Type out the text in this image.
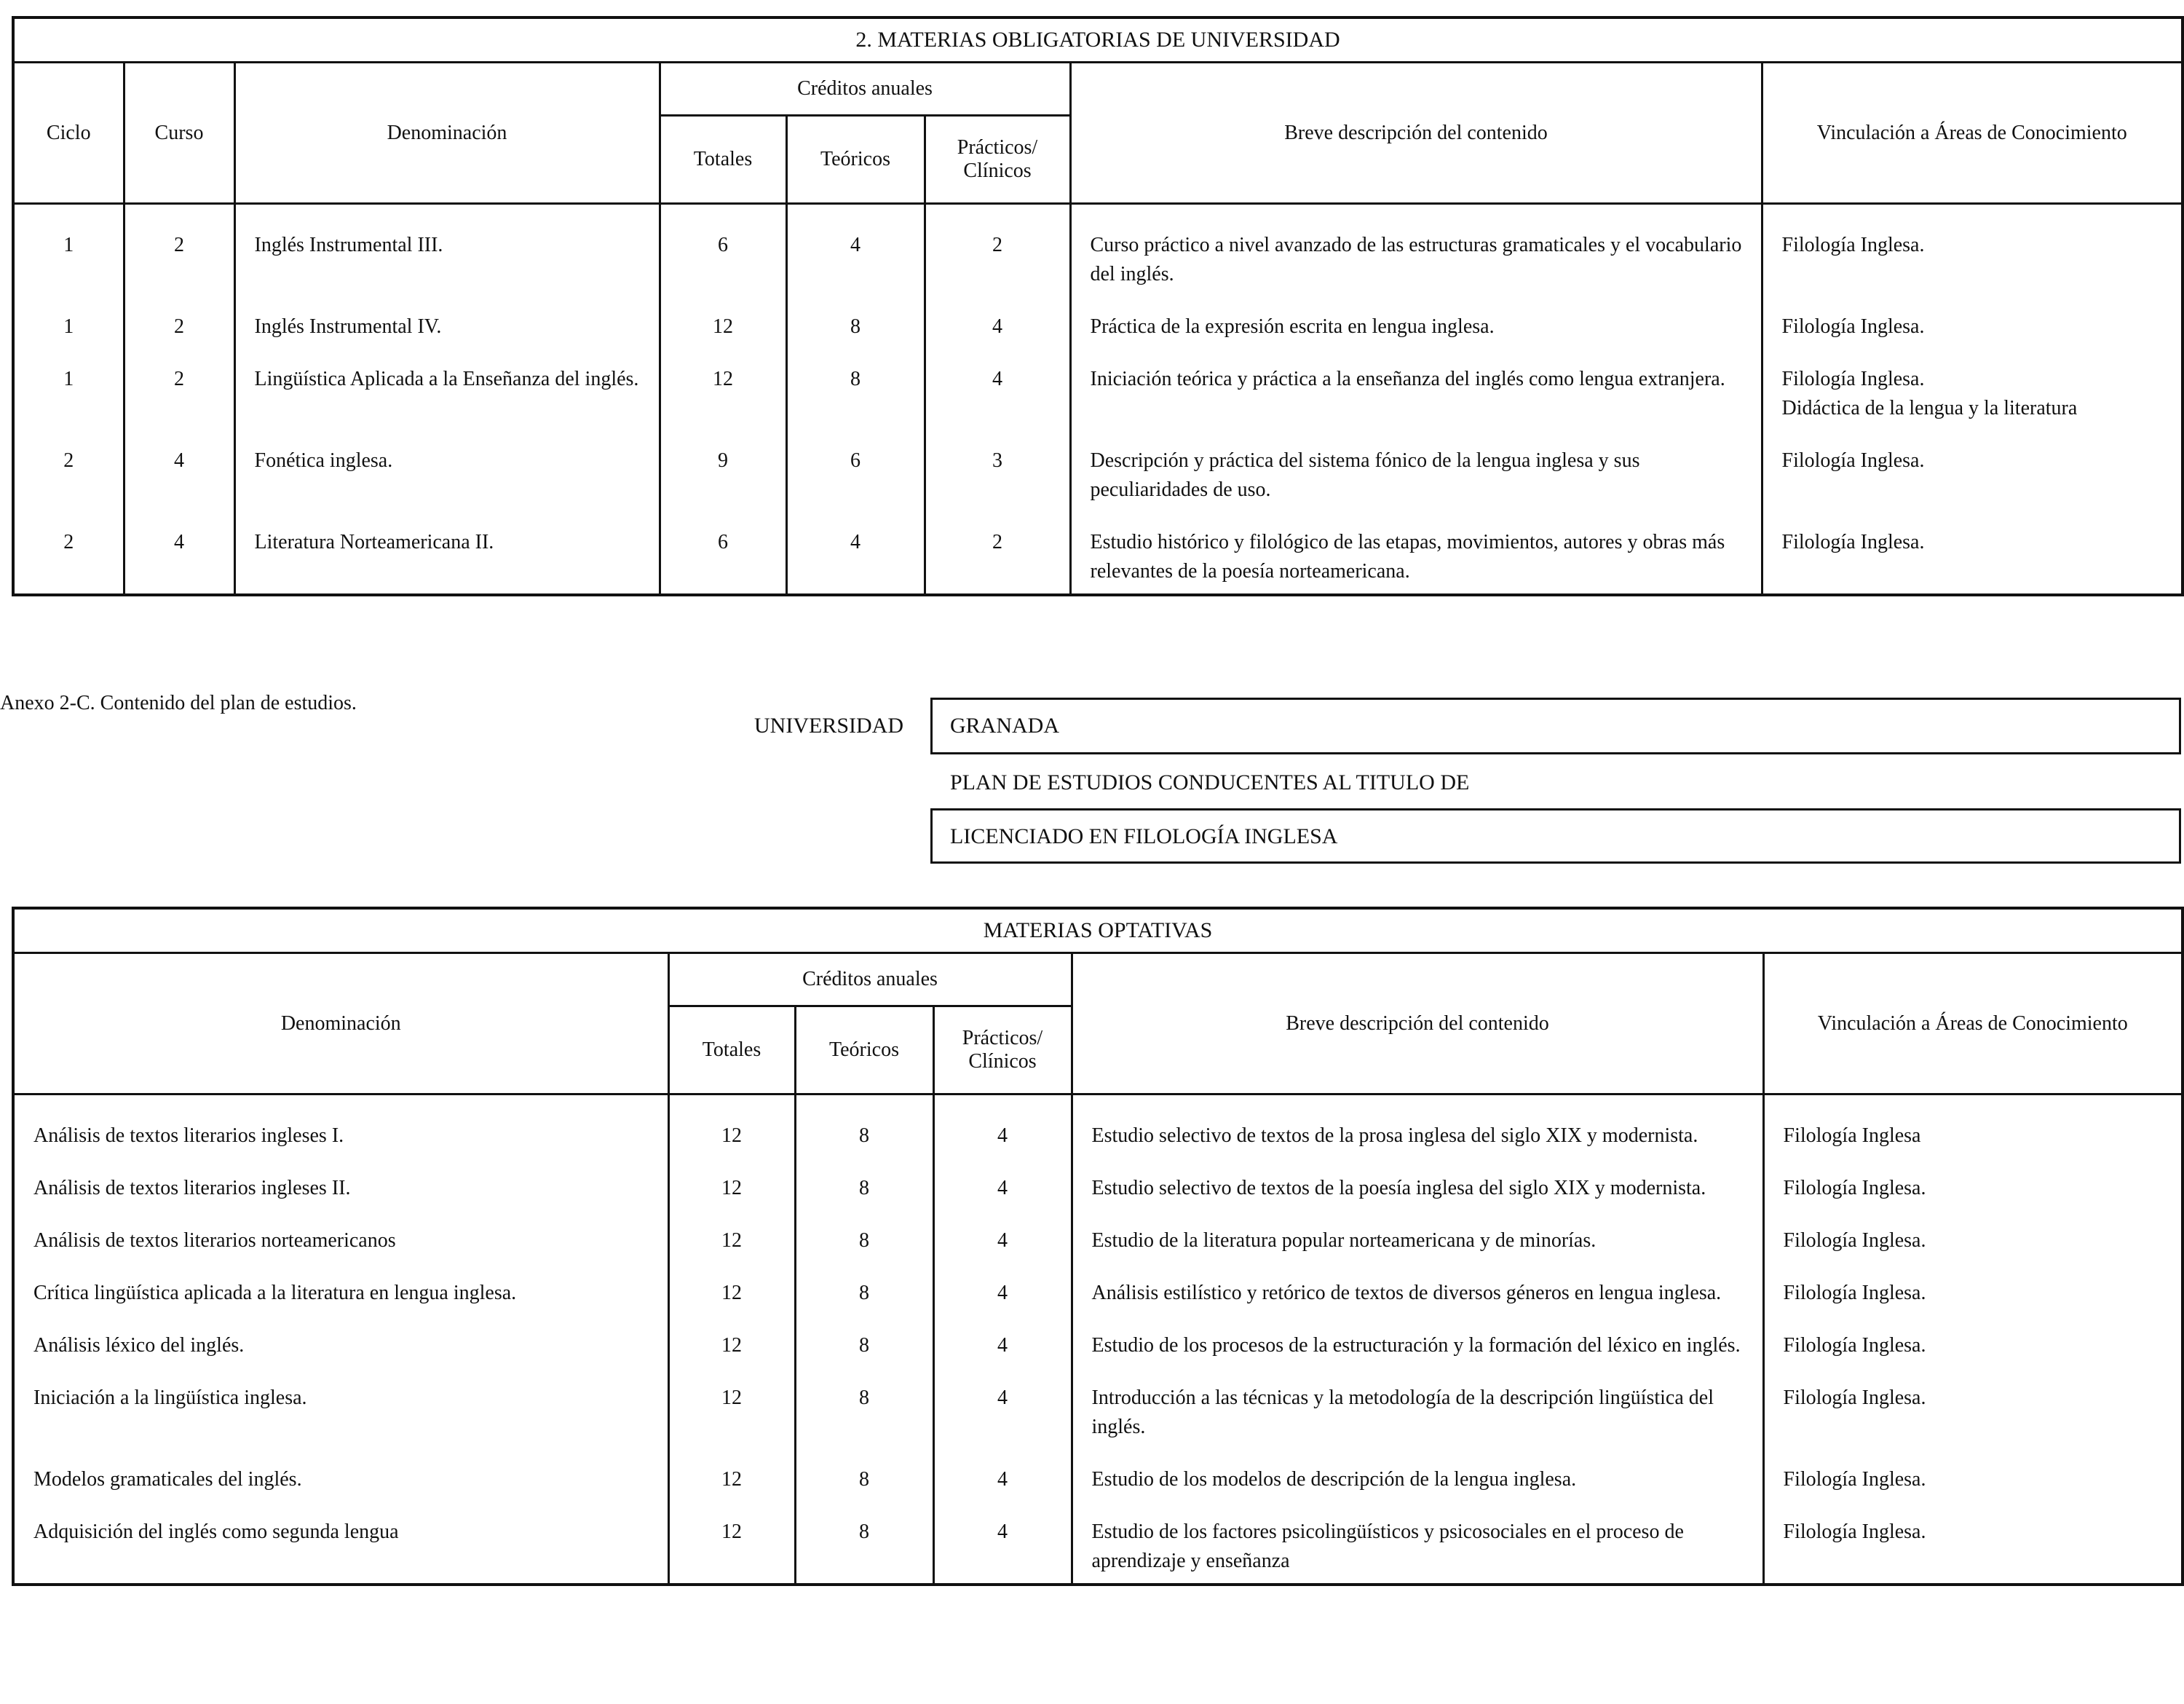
2. MATERIAS OBLIGATORIAS DE UNIVERSIDAD							
Ciclo	Curso	Denominación	Créditos anuales			Breve descripción del contenido	Vinculación a Áreas de Conocimiento
			Totales	Teóricos	Prácticos/ Clínicos		
1	2	Inglés Instrumental III.	6	4	2	Curso práctico a nivel avanzado de las estructuras gramaticales y el vocabulario del inglés.	Filología Inglesa.

1	2	Inglés Instrumental IV.	12	8	4	Práctica de la expresión escrita en lengua inglesa.	Filología Inglesa.

1	2	Lingüística Aplicada a la Enseñanza del inglés.	12	8	4	Iniciación teórica y práctica a la enseñanza del inglés como lengua extranjera.	Filología Inglesa.
Didáctica de la lengua y la literatura

2	4	Fonética inglesa.	9	6	3	Descripción y práctica del sistema fónico de la lengua inglesa y sus peculiaridades de uso.	Filología Inglesa.

2	4	Literatura Norteamericana II.	6	4	2	Estudio histórico y filológico de las etapas, movimientos, autores y obras más relevantes de la poesía norteamericana.	Filología Inglesa.
Anexo 2-C. Contenido del plan de estudios.
UNIVERSIDAD	GRANADA
PLAN DE ESTUDIOS CONDUCENTES AL TITULO DE
LICENCIADO EN FILOLOGÍA INGLESA
MATERIAS OPTATIVAS					
Denominación	Créditos anuales			Breve descripción del contenido	Vinculación a Áreas de Conocimiento
	Totales	Teóricos	Prácticos/ Clínicos		
Análisis de textos literarios ingleses I.	12	8	4	Estudio selectivo de textos de la prosa inglesa del siglo XIX y modernista.	Filología Inglesa
Análisis de textos literarios ingleses II.	12	8	4	Estudio selectivo de textos de la poesía inglesa del siglo XIX y modernista.	Filología Inglesa.
Análisis de textos literarios norteamericanos	12	8	4	Estudio de la literatura popular norteamericana y de minorías.	Filología Inglesa.
Crítica lingüística aplicada a la literatura en lengua inglesa.	12	8	4	Análisis estilístico y retórico de textos de diversos géneros en lengua inglesa.	Filología Inglesa.
Análisis léxico del inglés.	12	8	4	Estudio de los procesos de la estructuración y la formación del léxico en inglés.	Filología Inglesa.
Iniciación a la lingüística inglesa.	12	8	4	Introducción a las técnicas y la metodología de la descripción lingüística del inglés.	Filología Inglesa.
Modelos gramaticales del inglés.	12	8	4	Estudio de los modelos de descripción de la lengua inglesa.	Filología Inglesa.
Adquisición del inglés como segunda lengua	12	8	4	Estudio de los factores psicolingüísticos y psicosociales en el proceso de aprendizaje y enseñanza	Filología Inglesa.
